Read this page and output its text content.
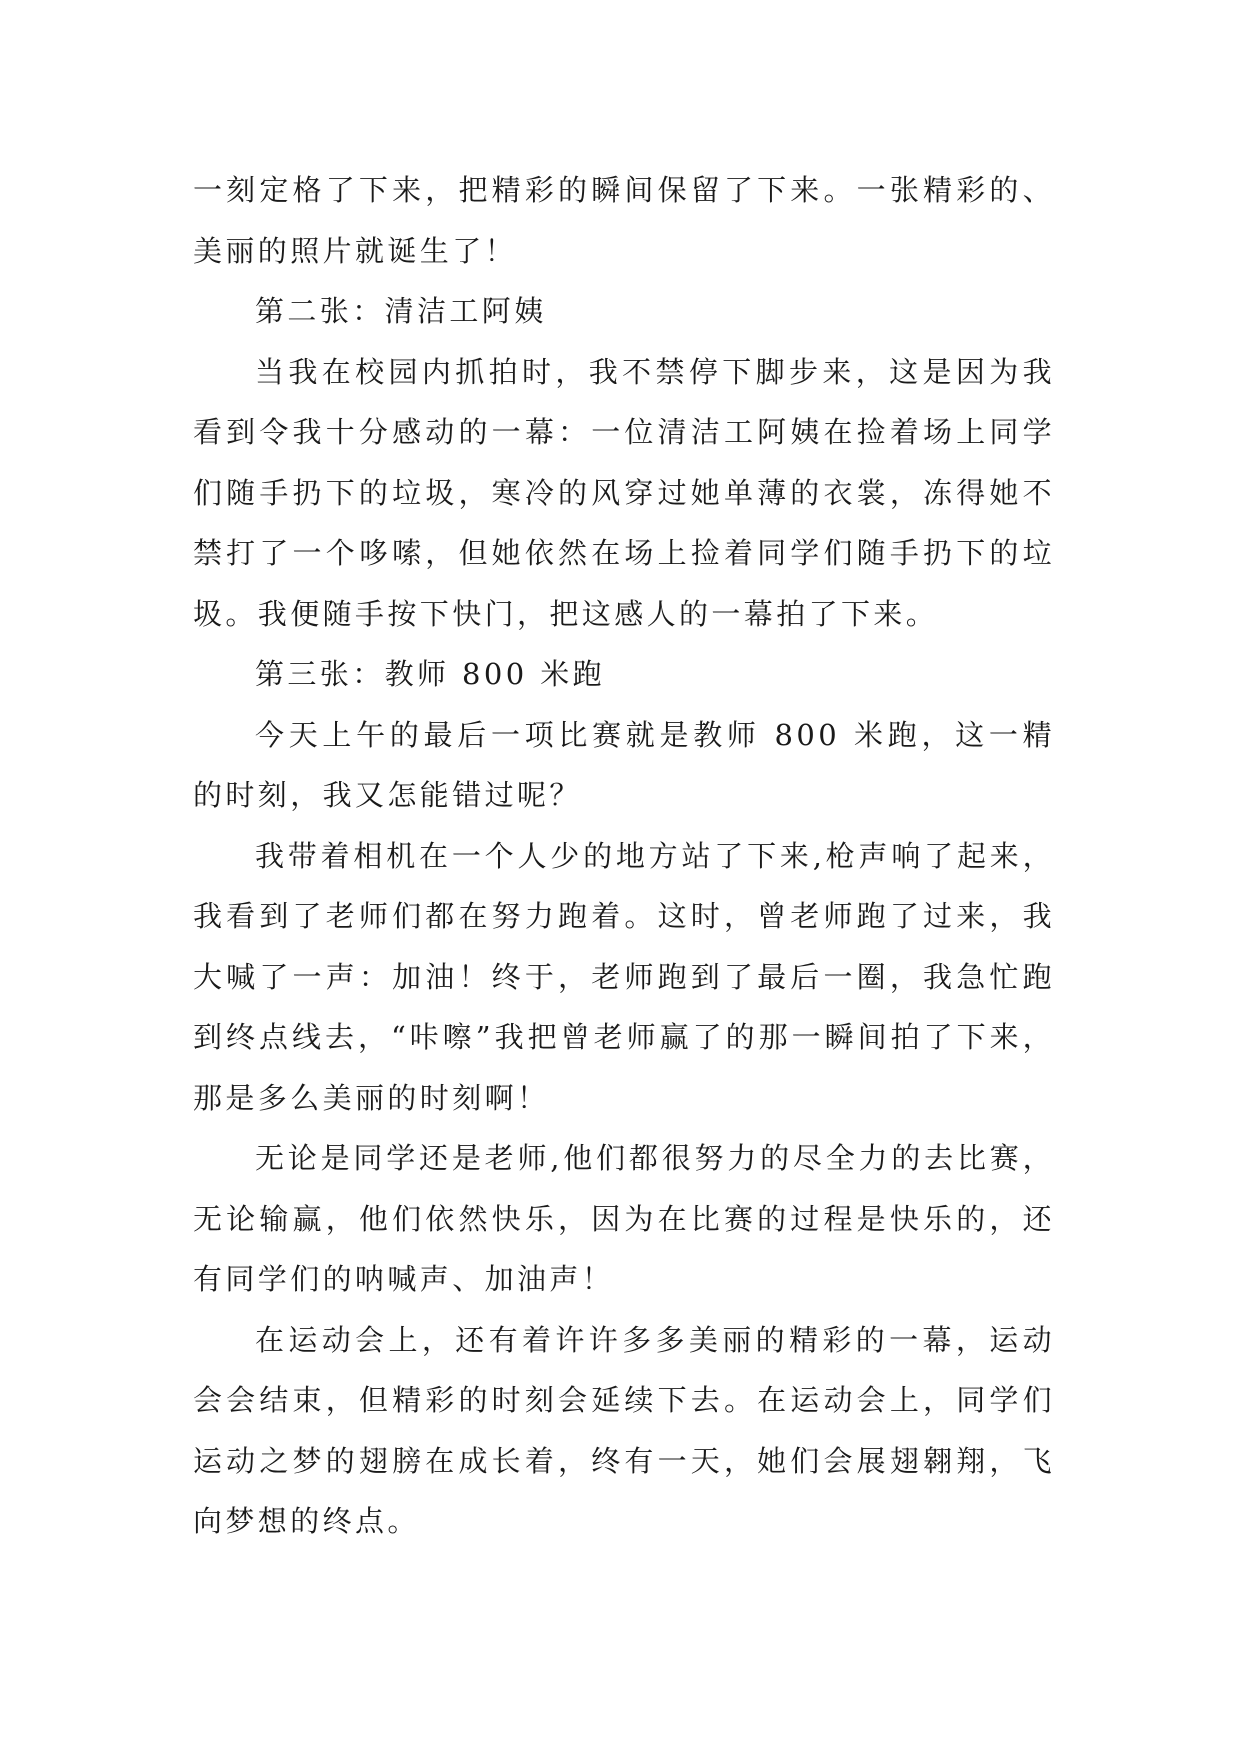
一刻定格了下来，把精彩的瞬间保留了下来。一张精彩的、
美丽的照片就诞生了！
第二张：清洁工阿姨
当我在校园内抓拍时，我不禁停下脚步来，这是因为我
看到令我十分感动的一幕：一位清洁工阿姨在捡着场上同学
们随手扔下的垃圾，寒冷的风穿过她单薄的衣裳，冻得她不
禁打了一个哆嗦，但她依然在场上捡着同学们随手扔下的垃
圾。我便随手按下快门，把这感人的一幕拍了下来。
第三张：教师 800 米跑
今天上午的最后一项比赛就是教师 800 米跑，这一精
的时刻，我又怎能错过呢？
我带着相机在一个人少的地方站了下来,枪声响了起来，
我看到了老师们都在努力跑着。这时，曾老师跑了过来，我
大喊了一声：加油！终于，老师跑到了最后一圈，我急忙跑
到终点线去，“咔嚓”我把曾老师赢了的那一瞬间拍了下来，
那是多么美丽的时刻啊！
无论是同学还是老师,他们都很努力的尽全力的去比赛，
无论输赢，他们依然快乐，因为在比赛的过程是快乐的，还
有同学们的呐喊声、加油声！
在运动会上，还有着许许多多美丽的精彩的一幕，运动
会会结束，但精彩的时刻会延续下去。在运动会上，同学们
运动之梦的翅膀在成长着，终有一天，她们会展翅翱翔，飞
向梦想的终点。
